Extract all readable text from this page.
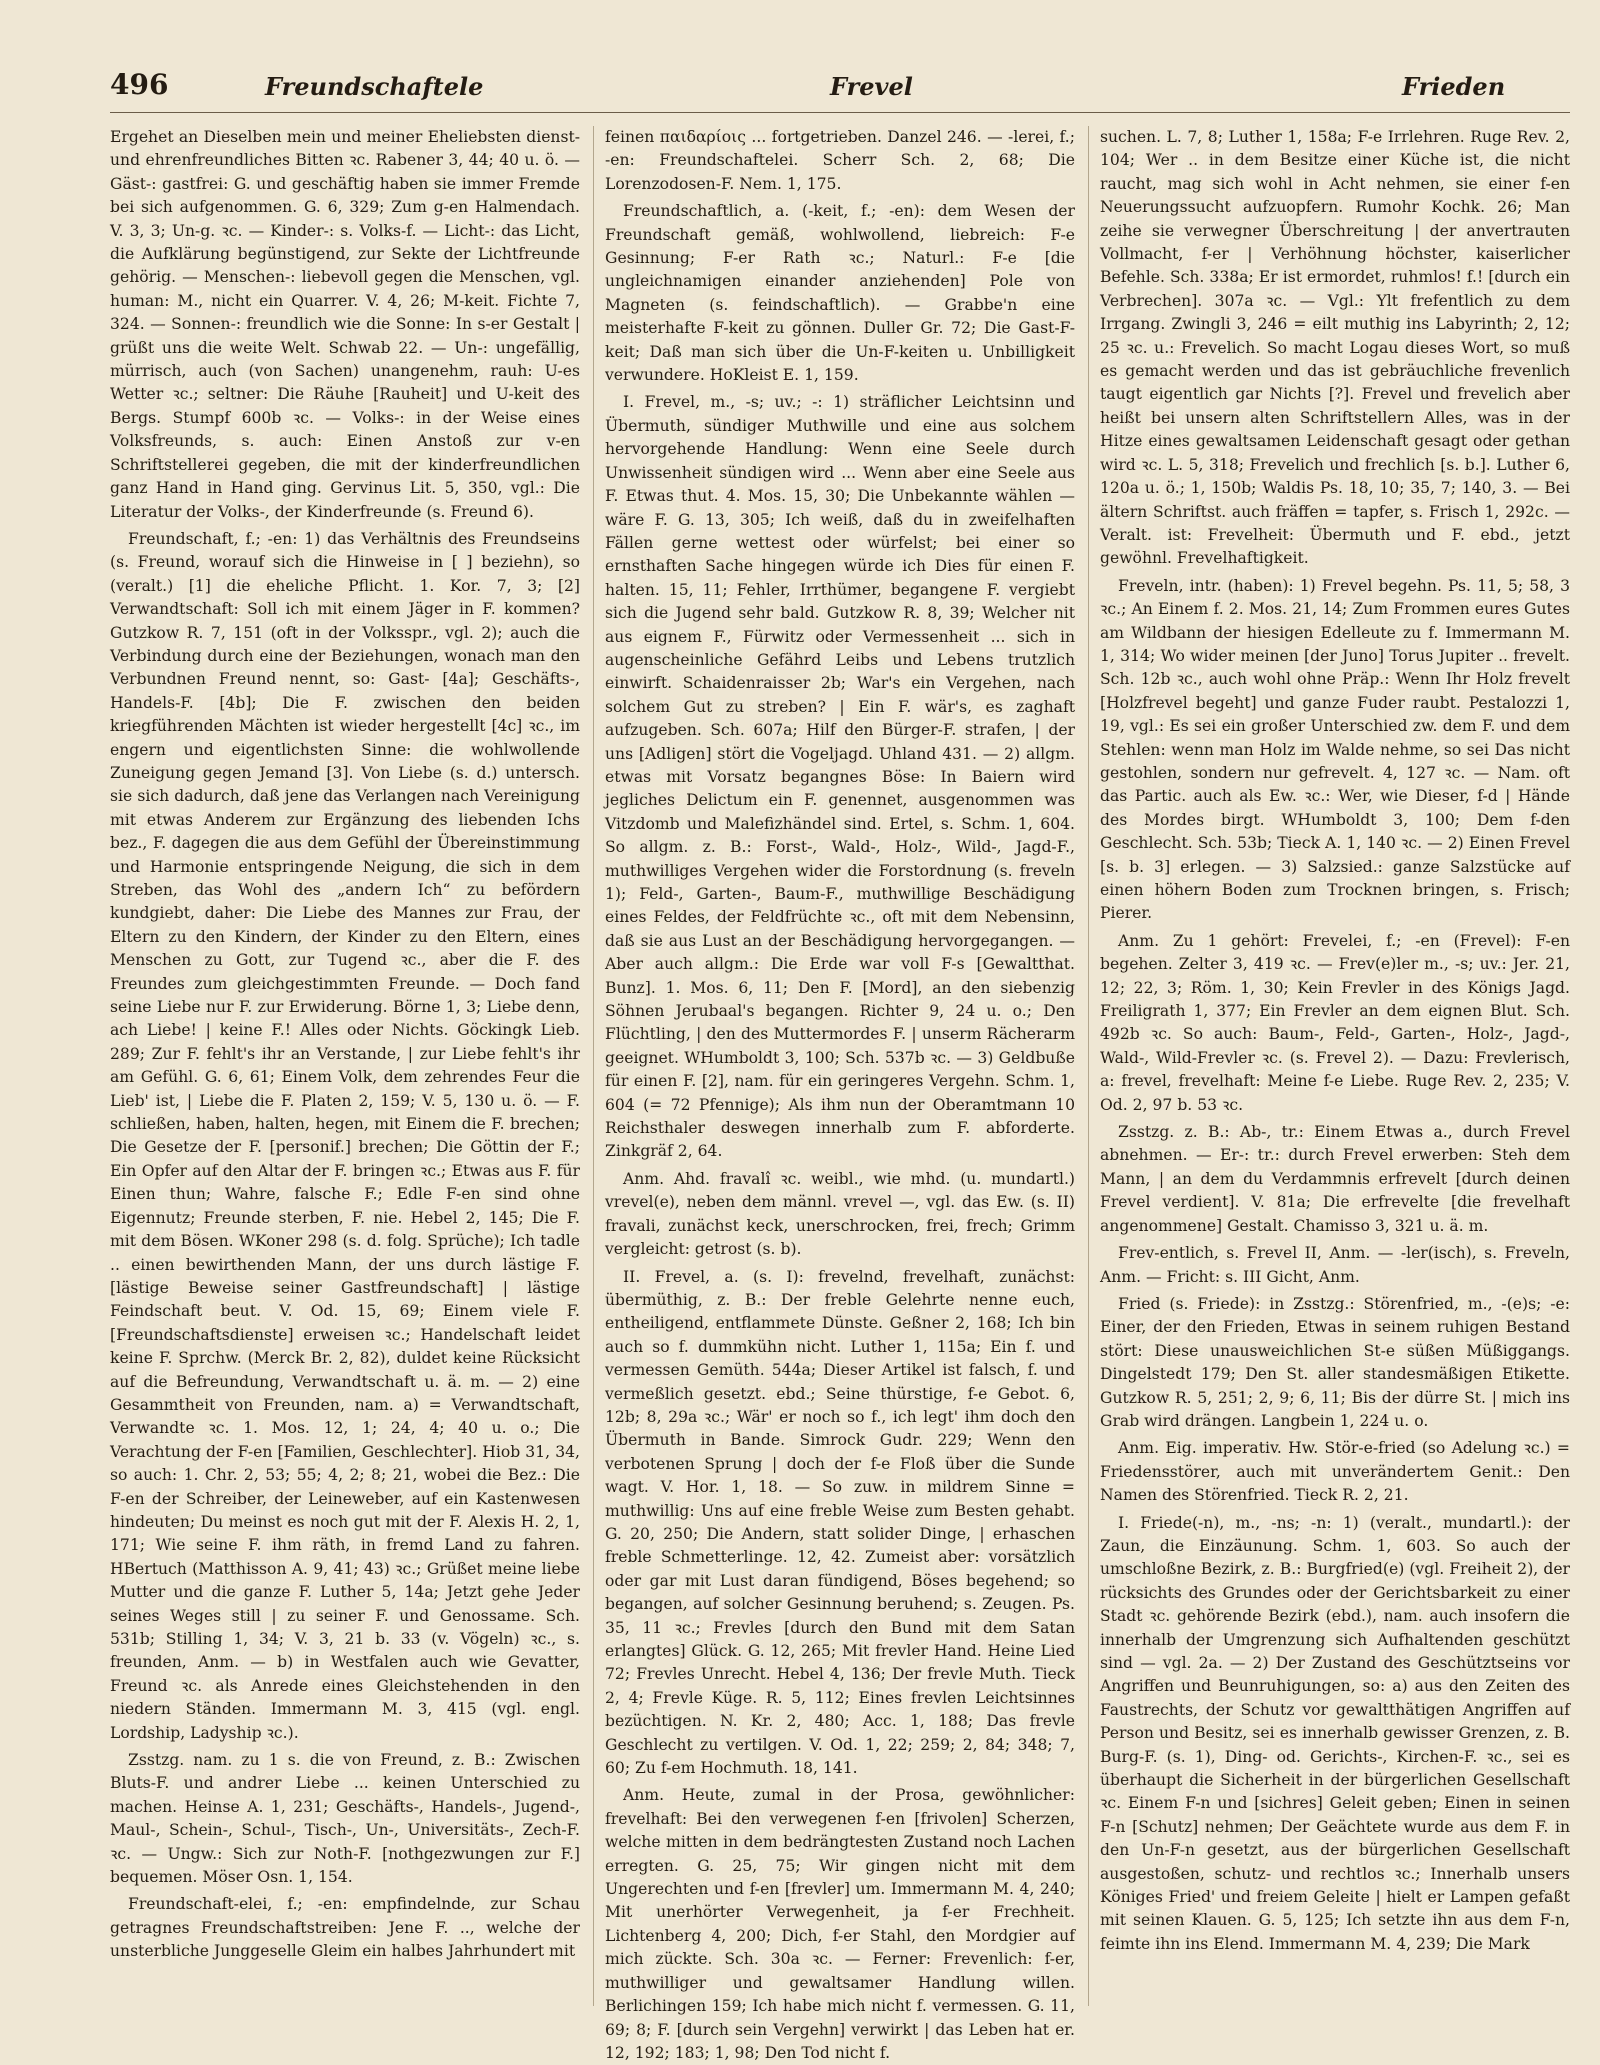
496	Freundschaftele	Frevel	Frieden

Ergehet an Dieselben mein und meiner Eheliebsten dienst- und ehrenfreundliches Bitten ꝛc. Rabener 3, 44; 40 u. ö. — Gäst-: gastfrei: G. und geschäftig haben sie immer Fremde bei sich aufgenommen. G. 6, 329; Zum g-en Halmendach. V. 3, 3; Un-g. ꝛc. — Kinder-: s. Volks-f. — Licht-: das Licht, die Aufklärung begünstigend, zur Sekte der Lichtfreunde gehörig. — Menschen-: liebevoll gegen die Menschen, vgl. human: M., nicht ein Quarrer. V. 4, 26; M-keit. Fichte 7, 324. — Sonnen-: freundlich wie die Sonne: In s-er Gestalt | grüßt uns die weite Welt. Schwab 22. — Un-: ungefällig, mürrisch, auch (von Sachen) unangenehm, rauh: U-es Wetter ꝛc.; seltner: Die Räuhe [Rauheit] und U-keit des Bergs. Stumpf 600b ꝛc. — Volks-: in der Weise eines Volksfreunds, s. auch: Einen Anstoß zur v-en Schriftstellerei gegeben, die mit der kinderfreundlichen ganz Hand in Hand ging. Gervinus Lit. 5, 350, vgl.: Die Literatur der Volks-, der Kinderfreunde (s. Freund 6).

Freundschaft, f.; -en: 1) das Verhältnis des Freundseins (s. Freund, worauf sich die Hinweise in [ ] beziehn), so (veralt.) [1] die eheliche Pflicht. 1. Kor. 7, 3; [2] Verwandtschaft: Soll ich mit einem Jäger in F. kommen? Gutzkow R. 7, 151 (oft in der Volksspr., vgl. 2); auch die Verbindung durch eine der Beziehungen, wonach man den Verbundnen Freund nennt, so: Gast- [4a]; Geschäfts-, Handels-F. [4b]; Die F. zwischen den beiden kriegführenden Mächten ist wieder hergestellt [4c] ꝛc., im engern und eigentlichsten Sinne: die wohlwollende Zuneigung gegen Jemand [3]. Von Liebe (s. d.) untersch. sie sich dadurch, daß jene das Verlangen nach Vereinigung mit etwas Anderem zur Ergänzung des liebenden Ichs bez., F. dagegen die aus dem Gefühl der Übereinstimmung und Harmonie entspringende Neigung, die sich in dem Streben, das Wohl des „andern Ich“ zu befördern kundgiebt, daher: Die Liebe des Mannes zur Frau, der Eltern zu den Kindern, der Kinder zu den Eltern, eines Menschen zu Gott, zur Tugend ꝛc., aber die F. des Freundes zum gleichgestimmten Freunde. — Doch fand seine Liebe nur F. zur Erwiderung. Börne 1, 3; Liebe denn, ach Liebe! | keine F.! Alles oder Nichts. Göckingk Lieb. 289; Zur F. fehlt's ihr an Verstande, | zur Liebe fehlt's ihr am Gefühl. G. 6, 61; Einem Volk, dem zehrendes Feur die Lieb' ist, | Liebe die F. Platen 2, 159; V. 5, 130 u. ö. — F. schließen, haben, halten, hegen, mit Einem die F. brechen; Die Gesetze der F. [personif.] brechen; Die Göttin der F.; Ein Opfer auf den Altar der F. bringen ꝛc.; Etwas aus F. für Einen thun; Wahre, falsche F.; Edle F-en sind ohne Eigennutz; Freunde sterben, F. nie. Hebel 2, 145; Die F. mit dem Bösen. WKoner 298 (s. d. folg. Sprüche); Ich tadle .. einen bewirthenden Mann, der uns durch lästige F. [lästige Beweise seiner Gastfreundschaft] | lästige Feindschaft beut. V. Od. 15, 69; Einem viele F. [Freundschaftsdienste] erweisen ꝛc.; Handelschaft leidet keine F. Sprchw. (Merck Br. 2, 82), duldet keine Rücksicht auf die Befreundung, Verwandtschaft u. ä. m. — 2) eine Gesammtheit von Freunden, nam. a) = Verwandtschaft, Verwandte ꝛc. 1. Mos. 12, 1; 24, 4; 40 u. o.; Die Verachtung der F-en [Familien, Geschlechter]. Hiob 31, 34, so auch: 1. Chr. 2, 53; 55; 4, 2; 8; 21, wobei die Bez.: Die F-en der Schreiber, der Leineweber, auf ein Kastenwesen hindeuten; Du meinst es noch gut mit der F. Alexis H. 2, 1, 171; Wie seine F. ihm räth, in fremd Land zu fahren. HBertuch (Matthisson A. 9, 41; 43) ꝛc.; Grüßet meine liebe Mutter und die ganze F. Luther 5, 14a; Jetzt gehe Jeder seines Weges still | zu seiner F. und Genossame. Sch. 531b; Stilling 1, 34; V. 3, 21 b. 33 (v. Vögeln) ꝛc., s. freunden, Anm. — b) in Westfalen auch wie Gevatter, Freund ꝛc. als Anrede eines Gleichstehenden in den niedern Ständen. Immermann M. 3, 415 (vgl. engl. Lordship, Ladyship ꝛc.).

Zsstzg. nam. zu 1 s. die von Freund, z. B.: Zwischen Bluts-F. und andrer Liebe ... keinen Unterschied zu machen. Heinse A. 1, 231; Geschäfts-, Handels-, Jugend-, Maul-, Schein-, Schul-, Tisch-, Un-, Universitäts-, Zech-F. ꝛc. — Ungw.: Sich zur Noth-F. [nothgezwungen zur F.] bequemen. Möser Osn. 1, 154.

Freundschaft-elei, f.; -en: empfindelnde, zur Schau getragnes Freundschaftstreiben: Jene F. .., welche der unsterbliche Junggeselle Gleim ein halbes Jahrhundert mit

feinen παιδαρίοις ... fortgetrieben. Danzel 246. — -lerei, f.; -en: Freundschaftelei. Scherr Sch. 2, 68; Die Lorenzodosen-F. Nem. 1, 175.

Freundschaftlich, a. (-keit, f.; -en): dem Wesen der Freundschaft gemäß, wohlwollend, liebreich: F-e Gesinnung; F-er Rath ꝛc.; Naturl.: F-e [die ungleichnamigen einander anziehenden] Pole von Magneten (s. feindschaftlich). — Grabbe'n eine meisterhafte F-keit zu gönnen. Duller Gr. 72; Die Gast-F-keit; Daß man sich über die Un-F-keiten u. Unbilligkeit verwundere. HoKleist E. 1, 159.

I. Frevel, m., -s; uv.; -: 1) sträflicher Leichtsinn und Übermuth, sündiger Muthwille und eine aus solchem hervorgehende Handlung: Wenn eine Seele durch Unwissenheit sündigen wird ... Wenn aber eine Seele aus F. Etwas thut. 4. Mos. 15, 30; Die Unbekannte wählen — wäre F. G. 13, 305; Ich weiß, daß du in zweifelhaften Fällen gerne wettest oder würfelst; bei einer so ernsthaften Sache hingegen würde ich Dies für einen F. halten. 15, 11; Fehler, Irrthümer, begangene F. vergiebt sich die Jugend sehr bald. Gutzkow R. 8, 39; Welcher nit aus eignem F., Fürwitz oder Vermessenheit ... sich in augenscheinliche Gefährd Leibs und Lebens trutzlich einwirft. Schaidenraisser 2b; War's ein Vergehen, nach solchem Gut zu streben? | Ein F. wär's, es zaghaft aufzugeben. Sch. 607a; Hilf den Bürger-F. strafen, | der uns [Adligen] stört die Vogeljagd. Uhland 431. — 2) allgm. etwas mit Vorsatz begangnes Böse: In Baiern wird jegliches Delictum ein F. genennet, ausgenommen was Vitzdomb und Malefizhändel sind. Ertel, s. Schm. 1, 604. So allgm. z. B.: Forst-, Wald-, Holz-, Wild-, Jagd-F., muthwilliges Vergehen wider die Forstordnung (s. freveln 1); Feld-, Garten-, Baum-F., muthwillige Beschädigung eines Feldes, der Feldfrüchte ꝛc., oft mit dem Nebensinn, daß sie aus Lust an der Beschädigung hervorgegangen. — Aber auch allgm.: Die Erde war voll F-s [Gewaltthat. Bunz]. 1. Mos. 6, 11; Den F. [Mord], an den siebenzig Söhnen Jerubaal's begangen. Richter 9, 24 u. o.; Den Flüchtling, | den des Muttermordes F. | unserm Rächerarm geeignet. WHumboldt 3, 100; Sch. 537b ꝛc. — 3) Geldbuße für einen F. [2], nam. für ein geringeres Vergehn. Schm. 1, 604 (= 72 Pfennige); Als ihm nun der Oberamtmann 10 Reichsthaler deswegen innerhalb zum F. abforderte. Zinkgräf 2, 64.

Anm. Ahd. fravalî ꝛc. weibl., wie mhd. (u. mundartl.) vrevel(e), neben dem männl. vrevel —, vgl. das Ew. (s. II) fravali, zunächst keck, unerschrocken, frei, frech; Grimm vergleicht: getrost (s. b).

II. Frevel, a. (s. I): frevelnd, frevelhaft, zunächst: übermüthig, z. B.: Der freble Gelehrte nenne euch, entheiligend, entflammete Dünste. Geßner 2, 168; Ich bin auch so f. dummkühn nicht. Luther 1, 115a; Ein f. und vermessen Gemüth. 544a; Dieser Artikel ist falsch, f. und vermeßlich gesetzt. ebd.; Seine thürstige, f-e Gebot. 6, 12b; 8, 29a ꝛc.; Wär' er noch so f., ich legt' ihm doch den Übermuth in Bande. Simrock Gudr. 229; Wenn den verbotenen Sprung | doch der f-e Floß über die Sunde wagt. V. Hor. 1, 18. — So zuw. in mildrem Sinne = muthwillig: Uns auf eine freble Weise zum Besten gehabt. G. 20, 250; Die Andern, statt solider Dinge, | erhaschen freble Schmetterlinge. 12, 42. Zumeist aber: vorsätzlich oder gar mit Lust daran fündigend, Böses begehend; so begangen, auf solcher Gesinnung beruhend; s. Zeugen. Ps. 35, 11 ꝛc.; Frevles [durch den Bund mit dem Satan erlangtes] Glück. G. 12, 265; Mit frevler Hand. Heine Lied 72; Frevles Unrecht. Hebel 4, 136; Der frevle Muth. Tieck 2, 4; Frevle Küge. R. 5, 112; Eines frevlen Leichtsinnes bezüchtigen. N. Kr. 2, 480; Acc. 1, 188; Das frevle Geschlecht zu vertilgen. V. Od. 1, 22; 259; 2, 84; 348; 7, 60; Zu f-em Hochmuth. 18, 141.

Anm. Heute, zumal in der Prosa, gewöhnlicher: frevelhaft: Bei den verwegenen f-en [frivolen] Scherzen, welche mitten in dem bedrängtesten Zustand noch Lachen erregten. G. 25, 75; Wir gingen nicht mit dem Ungerechten und f-en [frevler] um. Immermann M. 4, 240; Mit unerhörter Verwegenheit, ja f-er Frechheit. Lichtenberg 4, 200; Dich, f-er Stahl, den Mordgier auf mich zückte. Sch. 30a ꝛc. — Ferner: Frevenlich: f-er, muthwilliger und gewaltsamer Handlung willen. Berlichingen 159; Ich habe mich nicht f. vermessen. G. 11, 69; 8; F. [durch sein Vergehn] verwirkt | das Leben hat er. 12, 192; 183; 1, 98; Den Tod nicht f.

suchen. L. 7, 8; Luther 1, 158a; F-e Irrlehren. Ruge Rev. 2, 104; Wer .. in dem Besitze einer Küche ist, die nicht raucht, mag sich wohl in Acht nehmen, sie einer f-en Neuerungssucht aufzuopfern. Rumohr Kochk. 26; Man zeihe sie verwegner Überschreitung | der anvertrauten Vollmacht, f-er | Verhöhnung höchster, kaiserlicher Befehle. Sch. 338a; Er ist ermordet, ruhmlos! f.! [durch ein Verbrechen]. 307a ꝛc. — Vgl.: Ylt frefentlich zu dem Irrgang. Zwingli 3, 246 = eilt muthig ins Labyrinth; 2, 12; 25 ꝛc. u.: Frevelich. So macht Logau dieses Wort, so muß es gemacht werden und das ist gebräuchliche frevenlich taugt eigentlich gar Nichts [?]. Frevel und frevelich aber heißt bei unsern alten Schriftstellern Alles, was in der Hitze eines gewaltsamen Leidenschaft gesagt oder gethan wird ꝛc. L. 5, 318; Frevelich und frechlich [s. b.]. Luther 6, 120a u. ö.; 1, 150b; Waldis Ps. 18, 10; 35, 7; 140, 3. — Bei ältern Schriftst. auch fräffen = tapfer, s. Frisch 1, 292c. — Veralt. ist: Frevelheit: Übermuth und F. ebd., jetzt gewöhnl. Frevelhaftigkeit.

Freveln, intr. (haben): 1) Frevel begehn. Ps. 11, 5; 58, 3 ꝛc.; An Einem f. 2. Mos. 21, 14; Zum Frommen eures Gutes am Wildbann der hiesigen Edelleute zu f. Immermann M. 1, 314; Wo wider meinen [der Juno] Torus Jupiter .. frevelt. Sch. 12b ꝛc., auch wohl ohne Präp.: Wenn Ihr Holz frevelt [Holzfrevel begeht] und ganze Fuder raubt. Pestalozzi 1, 19, vgl.: Es sei ein großer Unterschied zw. dem F. und dem Stehlen: wenn man Holz im Walde nehme, so sei Das nicht gestohlen, sondern nur gefrevelt. 4, 127 ꝛc. — Nam. oft das Partic. auch als Ew. ꝛc.: Wer, wie Dieser, f-d | Hände des Mordes birgt. WHumboldt 3, 100; Dem f-den Geschlecht. Sch. 53b; Tieck A. 1, 140 ꝛc. — 2) Einen Frevel [s. b. 3] erlegen. — 3) Salzsied.: ganze Salzstücke auf einen höhern Boden zum Trocknen bringen, s. Frisch; Pierer.

Anm. Zu 1 gehört: Frevelei, f.; -en (Frevel): F-en begehen. Zelter 3, 419 ꝛc. — Frev(e)ler m., -s; uv.: Jer. 21, 12; 22, 3; Röm. 1, 30; Kein Frevler in des Königs Jagd. Freiligrath 1, 377; Ein Frevler an dem eignen Blut. Sch. 492b ꝛc. So auch: Baum-, Feld-, Garten-, Holz-, Jagd-, Wald-, Wild-Frevler ꝛc. (s. Frevel 2). — Dazu: Frevlerisch, a: frevel, frevelhaft: Meine f-e Liebe. Ruge Rev. 2, 235; V. Od. 2, 97 b. 53 ꝛc.

Zsstzg. z. B.: Ab-, tr.: Einem Etwas a., durch Frevel abnehmen. — Er-: tr.: durch Frevel erwerben: Steh dem Mann, | an dem du Verdammnis erfrevelt [durch deinen Frevel verdient]. V. 81a; Die erfrevelte [die frevelhaft angenommene] Gestalt. Chamisso 3, 321 u. ä. m.

Frev-entlich, s. Frevel II, Anm. — -ler(isch), s. Freveln, Anm. — Fricht: s. III Gicht, Anm.

Fried (s. Friede): in Zsstzg.: Störenfried, m., -(e)s; -e: Einer, der den Frieden, Etwas in seinem ruhigen Bestand stört: Diese unausweichlichen St-e süßen Müßiggangs. Dingelstedt 179; Den St. aller standesmäßigen Etikette. Gutzkow R. 5, 251; 2, 9; 6, 11; Bis der dürre St. | mich ins Grab wird drängen. Langbein 1, 224 u. o.

Anm. Eig. imperativ. Hw. Stör-e-fried (so Adelung ꝛc.) = Friedensstörer, auch mit unverändertem Genit.: Den Namen des Störenfried. Tieck R. 2, 21.

I. Friede(-n), m., -ns; -n: 1) (veralt., mundartl.): der Zaun, die Einzäunung. Schm. 1, 603. So auch der umschloßne Bezirk, z. B.: Burgfried(e) (vgl. Freiheit 2), der rücksichts des Grundes oder der Gerichtsbarkeit zu einer Stadt ꝛc. gehörende Bezirk (ebd.), nam. auch insofern die innerhalb der Umgrenzung sich Aufhaltenden geschützt sind — vgl. 2a. — 2) Der Zustand des Geschütztseins vor Angriffen und Beunruhigungen, so: a) aus den Zeiten des Faustrechts, der Schutz vor gewaltthätigen Angriffen auf Person und Besitz, sei es innerhalb gewisser Grenzen, z. B. Burg-F. (s. 1), Ding- od. Gerichts-, Kirchen-F. ꝛc., sei es überhaupt die Sicherheit in der bürgerlichen Gesellschaft ꝛc. Einem F-n und [sichres] Geleit geben; Einen in seinen F-n [Schutz] nehmen; Der Geächtete wurde aus dem F. in den Un-F-n gesetzt, aus der bürgerlichen Gesellschaft ausgestoßen, schutz- und rechtlos ꝛc.; Innerhalb unsers Königes Fried' und freiem Geleite | hielt er Lampen gefaßt mit seinen Klauen. G. 5, 125; Ich setzte ihn aus dem F-n, feimte ihn ins Elend. Immermann M. 4, 239; Die Mark
